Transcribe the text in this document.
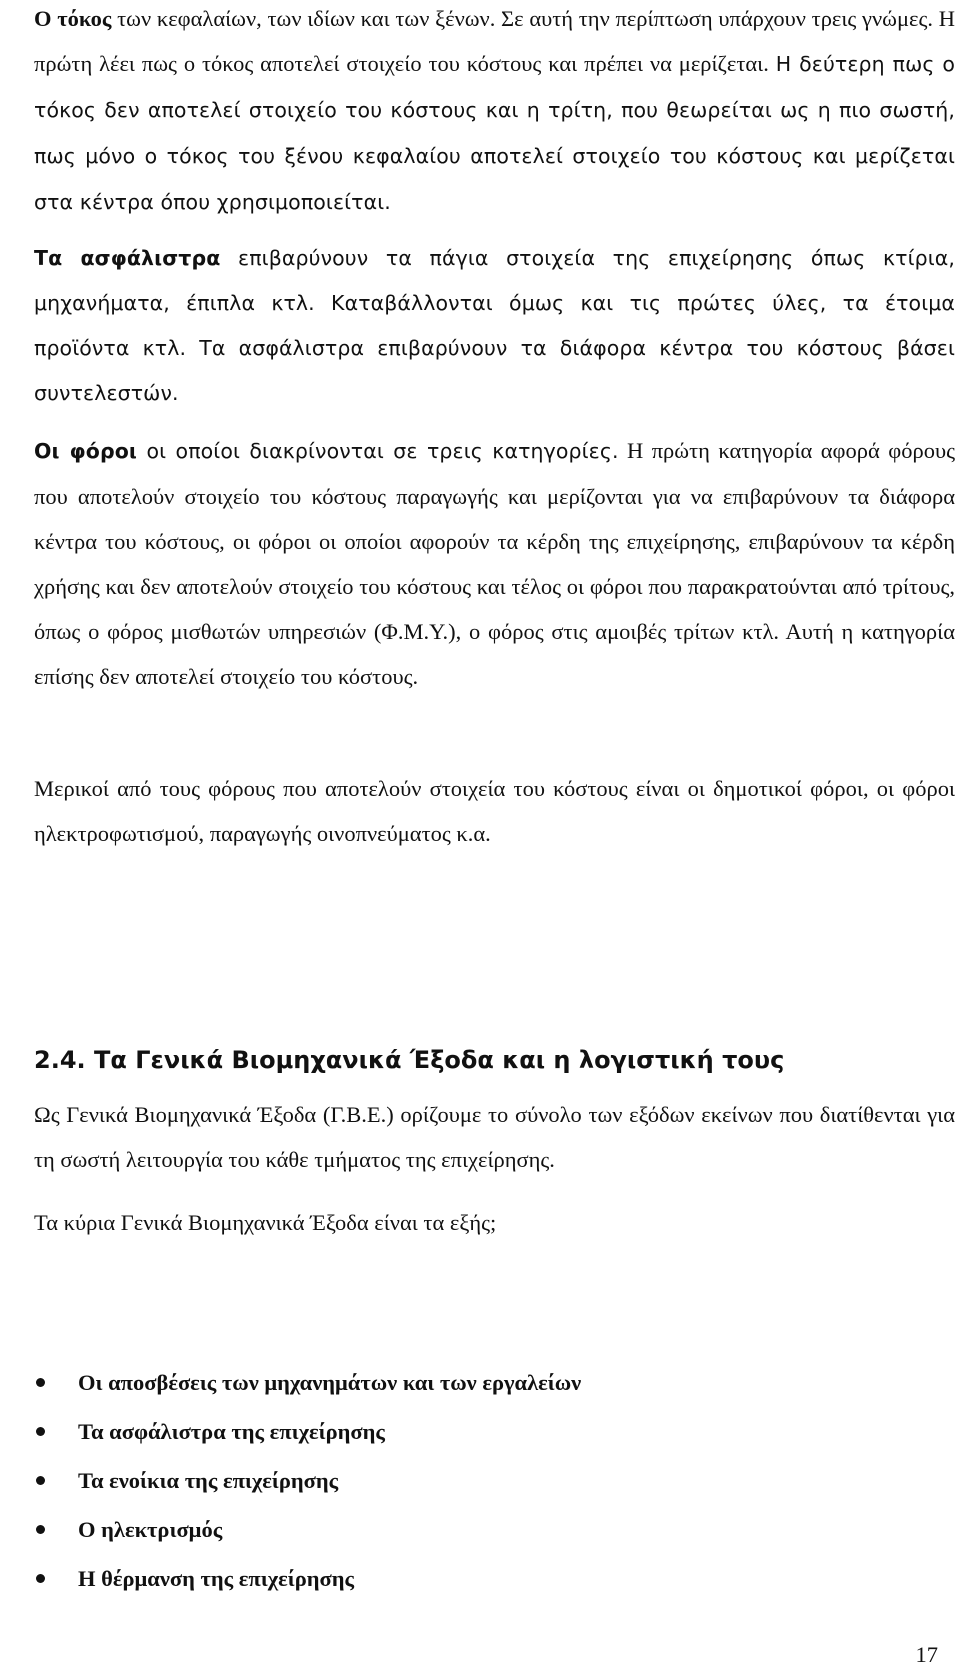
Ο τόκος των κεφαλαίων, των ιδίων και των ξένων. Σε αυτή την περίπτωση υπάρχουν τρεις γνώμες. Η πρώτη λέει πως ο τόκος αποτελεί στοιχείο του κόστους και πρέπει να μερίζεται. Η δεύτερη πως ο τόκος δεν αποτελεί στοιχείο του κόστους και η τρίτη, που θεωρείται ως η πιο σωστή, πως μόνο ο τόκος του ξένου κεφαλαίου αποτελεί στοιχείο του κόστους και μερίζεται στα κέντρα όπου χρησιμοποιείται.

Τα ασφάλιστρα επιβαρύνουν τα πάγια στοιχεία της επιχείρησης όπως κτίρια, μηχανήματα, έπιπλα κτλ. Καταβάλλονται όμως και τις πρώτες ύλες, τα έτοιμα προϊόντα κτλ. Τα ασφάλιστρα επιβαρύνουν τα διάφορα κέντρα του κόστους βάσει συντελεστών.

Οι φόροι οι οποίοι διακρίνονται σε τρεις κατηγορίες. Η πρώτη κατηγορία αφορά φόρους που αποτελούν στοιχείο του κόστους παραγωγής και μερίζονται για να επιβαρύνουν τα διάφορα κέντρα του κόστους, οι φόροι οι οποίοι αφορούν τα κέρδη της επιχείρησης, επιβαρύνουν τα κέρδη χρήσης και δεν αποτελούν στοιχείο του κόστους και τέλος οι φόροι που παρακρατούνται από τρίτους, όπως ο φόρος μισθωτών υπηρεσιών (Φ.Μ.Υ.), ο φόρος στις αμοιβές τρίτων κτλ. Αυτή η κατηγορία επίσης δεν αποτελεί στοιχείο του κόστους.

Μερικοί από τους φόρους που αποτελούν στοιχεία του κόστους είναι οι δημοτικοί φόροι, οι φόροι ηλεκτροφωτισμού, παραγωγής οινοπνεύματος κ.α.

2.4. Τα Γενικά Βιομηχανικά Έξοδα και η λογιστική τους

Ως Γενικά Βιομηχανικά Έξοδα (Γ.Β.Ε.) ορίζουμε το σύνολο των εξόδων εκείνων που διατίθενται για τη σωστή λειτουργία του κάθε τμήματος της επιχείρησης.

Τα κύρια Γενικά Βιομηχανικά Έξοδα είναι τα εξής;

Οι αποσβέσεις των μηχανημάτων και των εργαλείων
Τα ασφάλιστρα της επιχείρησης
Τα ενοίκια της επιχείρησης
Ο ηλεκτρισμός
Η θέρμανση της επιχείρησης
17
